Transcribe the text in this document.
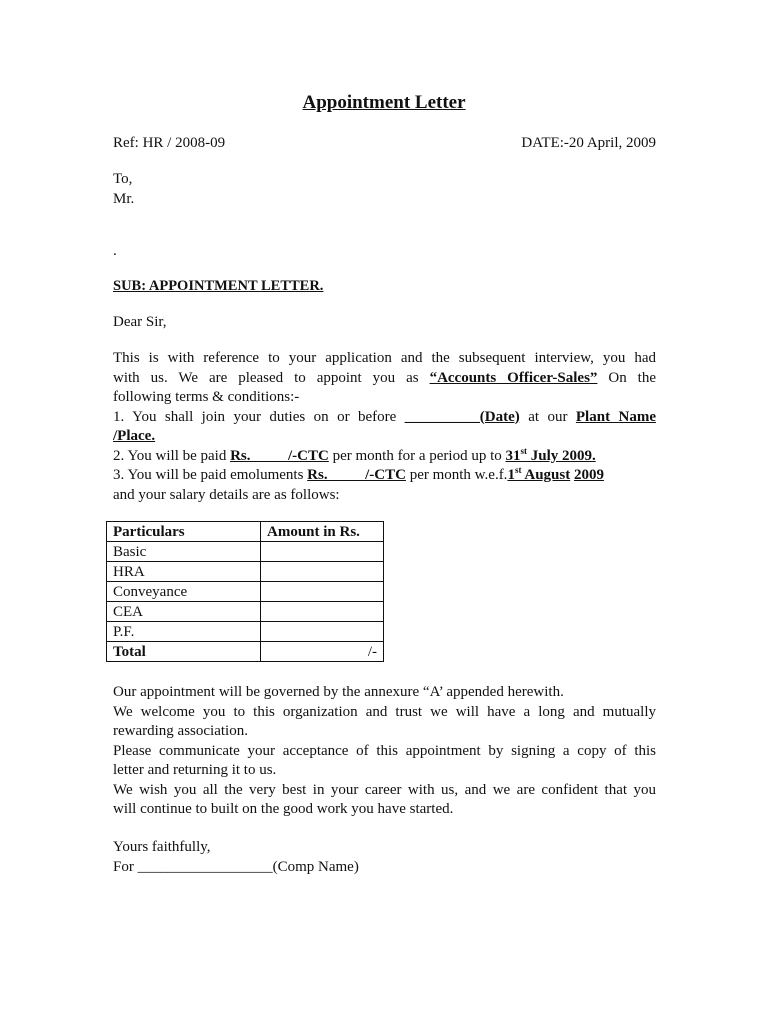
Appointment Letter
Ref: HR / 2008-09	DATE:-20 April, 2009
To,
Mr.
.
SUB: APPOINTMENT LETTER.
Dear Sir,
This is with reference to your application and the subsequent interview, you had
with us. We are pleased to appoint you as “Accounts Officer-Sales” On the
following terms & conditions:-
1. You shall join your duties on or before __________(Date) at our Plant Name
/Place.
2. You will be paid Rs.          /-CTC per month for a period up to 31st July 2009.
3. You will be paid emoluments Rs.          /-CTC per month w.e.f.1st August 2009
and your salary details are as follows:
Particulars	Amount in Rs.
Basic	
HRA	
Conveyance	
CEA	
P.F.	
Total	/-
Our appointment will be governed by the annexure “A’ appended herewith.
We welcome you to this organization and trust we will have a long and mutually
rewarding association.
Please communicate your acceptance of this appointment by signing a copy of this
letter and returning it to us.
We wish you all the very best in your career with us, and we are confident that you
will continue to built on the good work you have started.
Yours faithfully,
For __________________(Comp Name)
